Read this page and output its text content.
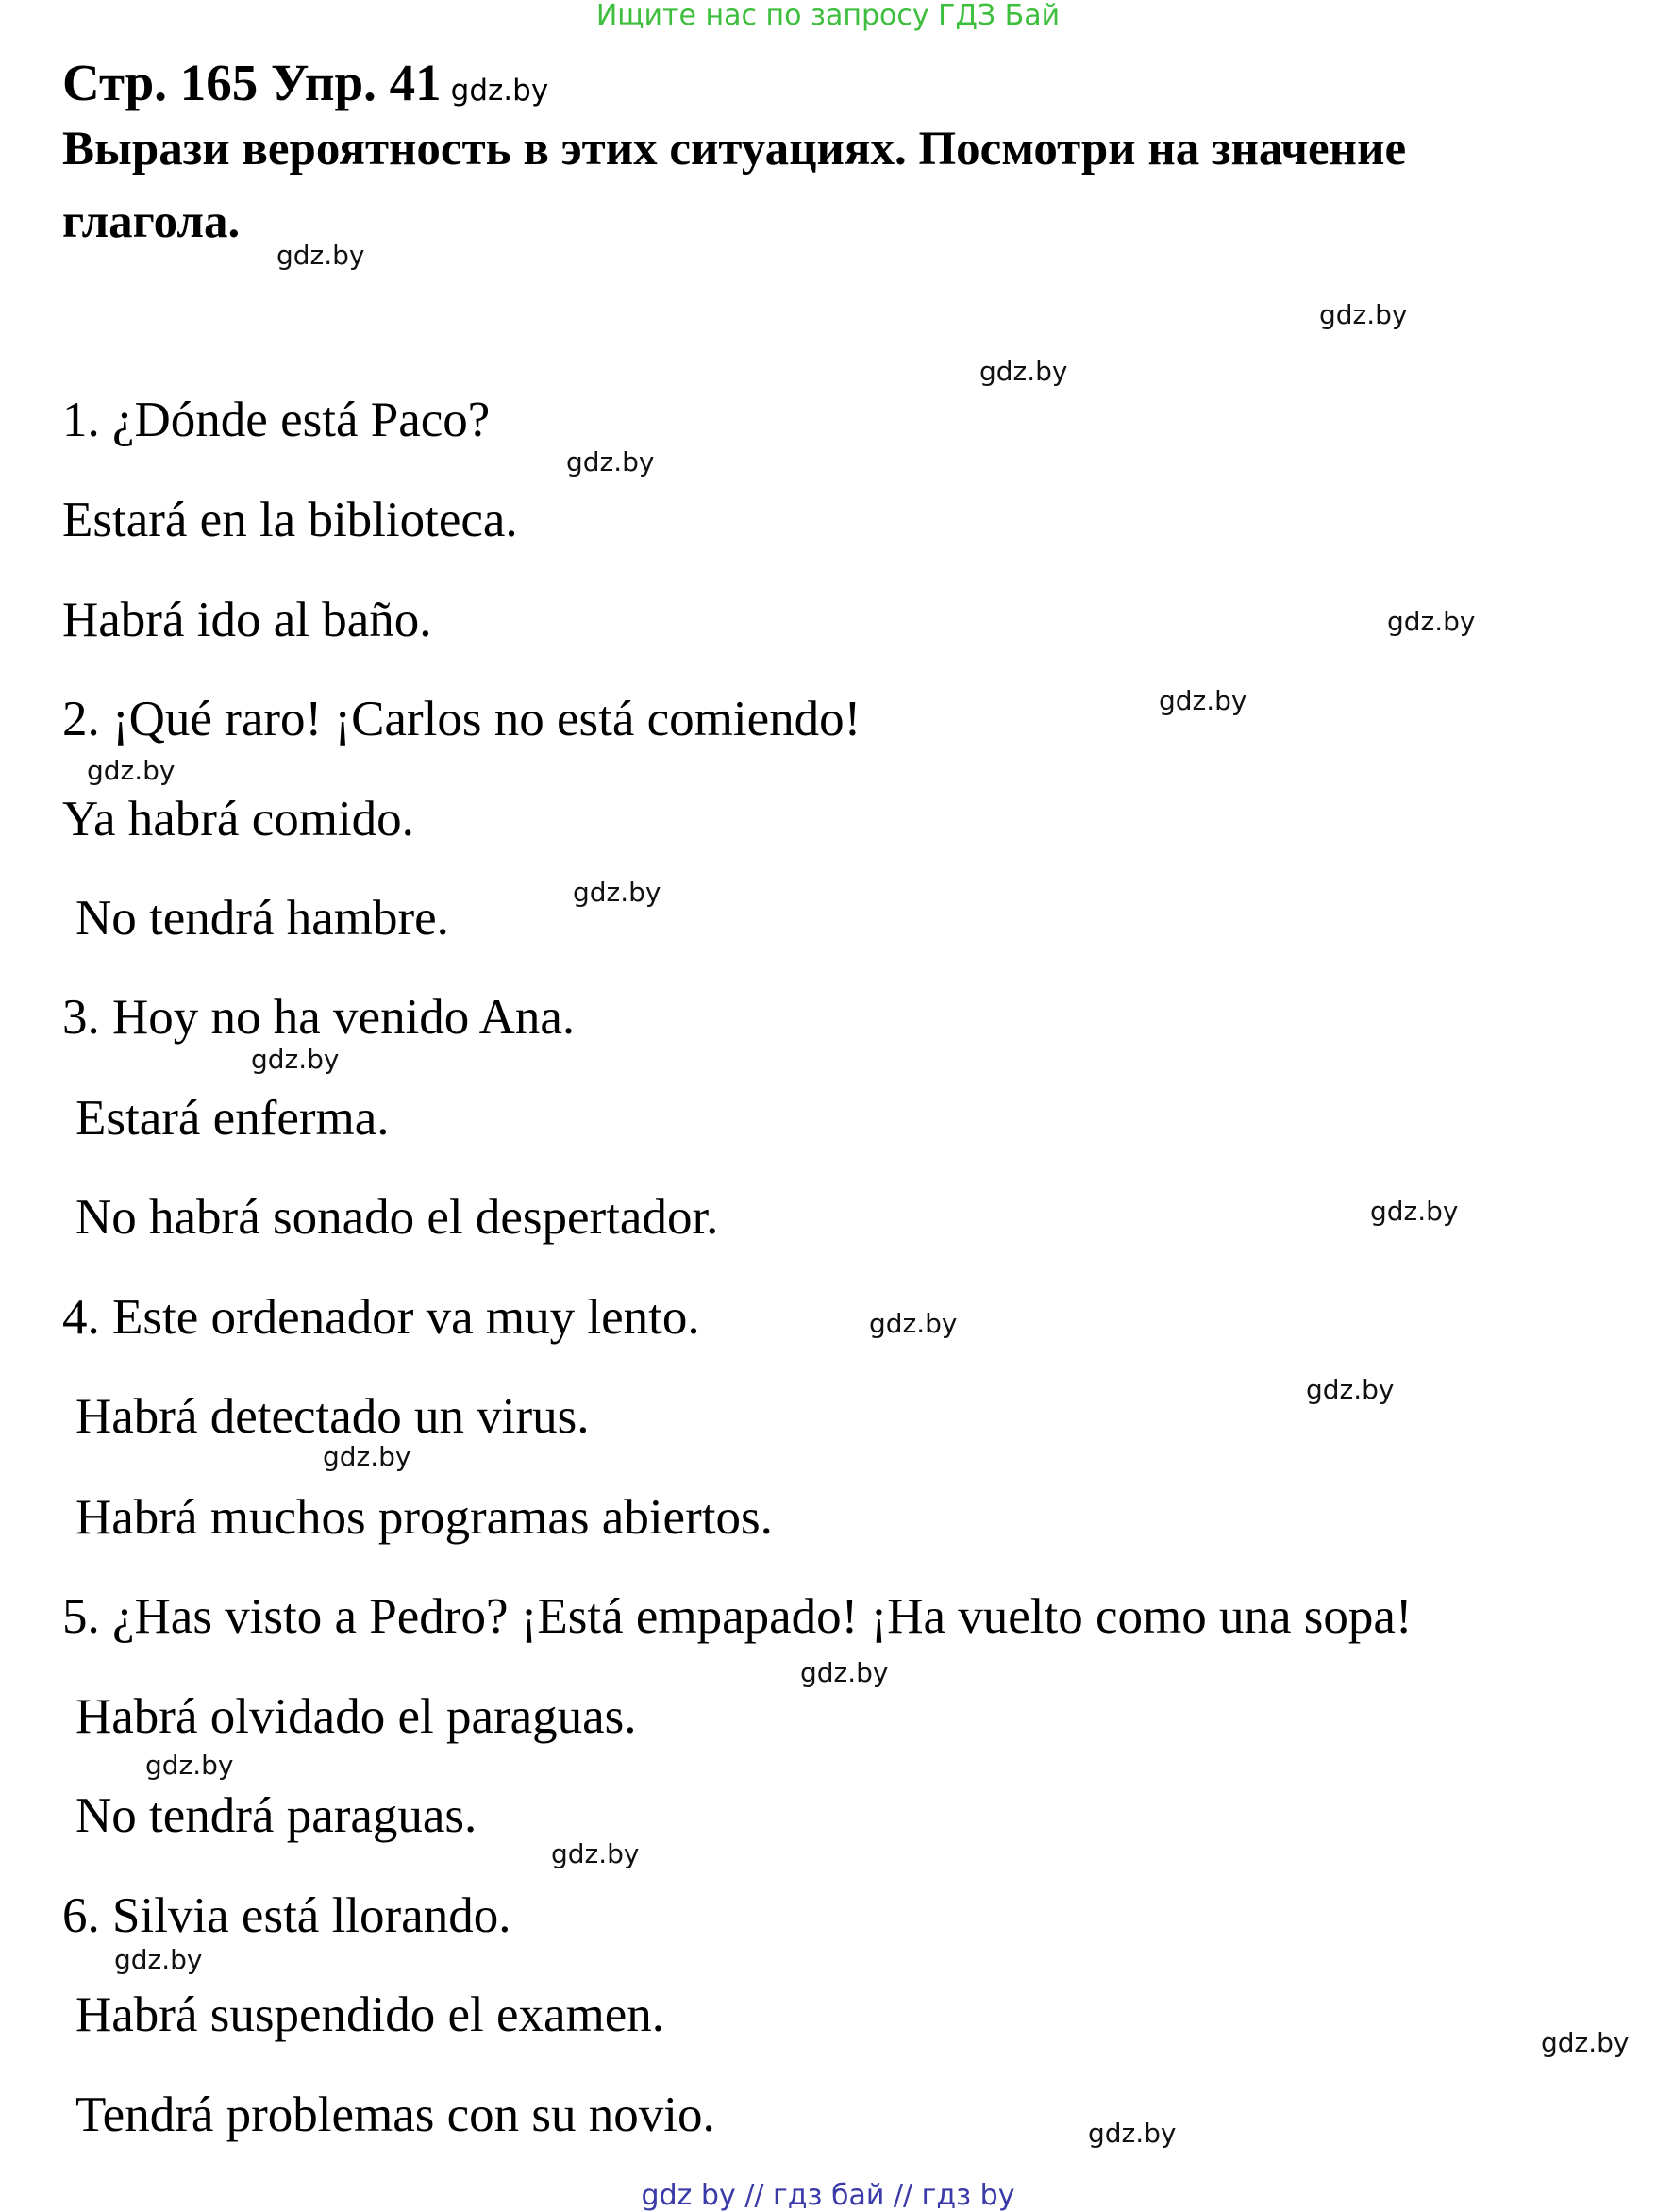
Ищите нас по запросу ГДЗ Бай
Стр. 165 Упр. 41 gdz.by
Вырази вероятность в этих ситуациях. Посмотри на значение
глагола.
gdz.by
gdz.by
gdz.by
gdz.by
gdz.by
gdz.by
gdz.by
gdz.by
gdz.by
gdz.by
gdz.by
gdz.by
gdz.by
gdz.by
gdz.by
gdz.by
gdz.by
gdz.by
gdz.by
1. ¿Dónde está Paco?
Estará en la biblioteca.
Habrá ido al baño.
2. ¡Qué raro! ¡Carlos no está comiendo!
Ya habrá comido.
No tendrá hambre.
3. Hoy no ha venido Ana.
Estará enferma.
No habrá sonado el despertador.
4. Este ordenador va muy lento.
Habrá detectado un virus.
Habrá muchos programas abiertos.
5. ¿Has visto a Pedro? ¡Está empapado! ¡Ha vuelto como una sopa!
Habrá olvidado el paraguas.
No tendrá paraguas.
6. Silvia está llorando.
Habrá suspendido el examen.
Tendrá problemas con su novio.
gdz by // гдз бай // гдз by
